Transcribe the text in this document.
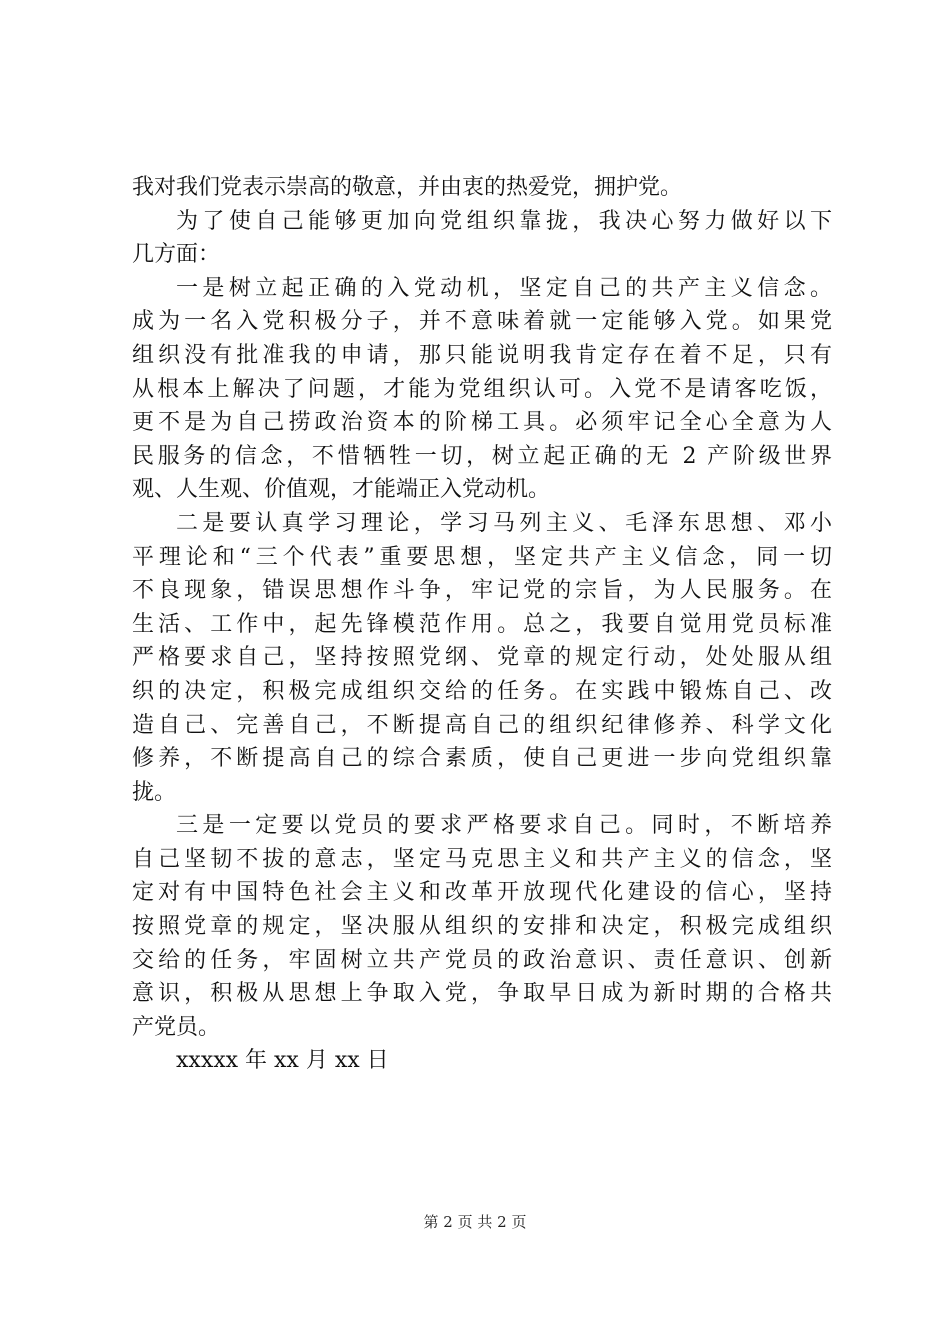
我对我们党表示崇高的敬意，并由衷的热爱党，拥护党。
为了使自己能够更加向党组织靠拢，我决心努力做好以下
几方面：
一是树立起正确的入党动机，坚定自己的共产主义信念。
成为一名入党积极分子，并不意味着就一定能够入党。如果党
组织没有批准我的申请，那只能说明我肯定存在着不足，只有
从根本上解决了问题，才能为党组织认可。入党不是请客吃饭，
更不是为自己捞政治资本的阶梯工具。必须牢记全心全意为人
民服务的信念，不惜牺牲一切，树立起正确的无 2 产阶级世界
观、人生观、价值观，才能端正入党动机。
二是要认真学习理论，学习马列主义、毛泽东思想、邓小
平理论和“三个代表”重要思想，坚定共产主义信念，同一切
不良现象，错误思想作斗争，牢记党的宗旨，为人民服务。在
生活、工作中，起先锋模范作用。总之，我要自觉用党员标准
严格要求自己，坚持按照党纲、党章的规定行动，处处服从组
织的决定，积极完成组织交给的任务。在实践中锻炼自己、改
造自己、完善自己，不断提高自己的组织纪律修养、科学文化
修养，不断提高自己的综合素质，使自己更进一步向党组织靠
拢。
三是一定要以党员的要求严格要求自己。同时，不断培养
自己坚韧不拔的意志，坚定马克思主义和共产主义的信念，坚
定对有中国特色社会主义和改革开放现代化建设的信心，坚持
按照党章的规定，坚决服从组织的安排和决定，积极完成组织
交给的任务，牢固树立共产党员的政治意识、责任意识、创新
意识，积极从思想上争取入党，争取早日成为新时期的合格共
产党员。
xxxxx 年 xx 月 xx 日
第 2 页 共 2 页
